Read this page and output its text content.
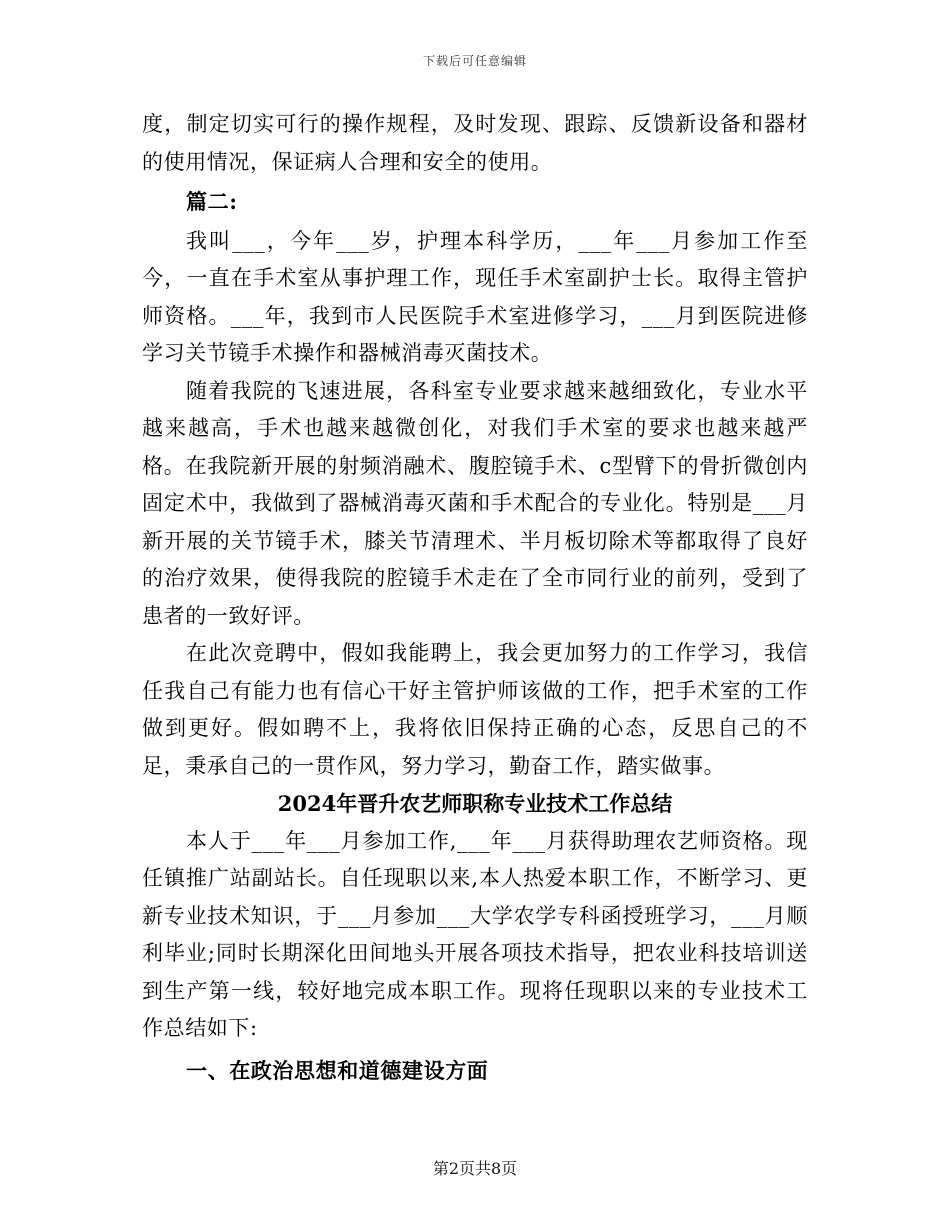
下载后可任意编辑

度，制定切实可行的操作规程，及时发现、跟踪、反馈新设备和器材的使用情况，保证病人合理和安全的使用。

篇二:

我叫___，今年___岁，护理本科学历，___年___月参加工作至今，一直在手术室从事护理工作，现任手术室副护士长。取得主管护师资格。___年，我到市人民医院手术室进修学习，___月到医院进修学习关节镜手术操作和器械消毒灭菌技术。

随着我院的飞速进展，各科室专业要求越来越细致化，专业水平越来越高，手术也越来越微创化，对我们手术室的要求也越来越严格。在我院新开展的射频消融术、腹腔镜手术、c型臂下的骨折微创内固定术中，我做到了器械消毒灭菌和手术配合的专业化。特别是___月新开展的关节镜手术，膝关节清理术、半月板切除术等都取得了良好的治疗效果，使得我院的腔镜手术走在了全市同行业的前列，受到了患者的一致好评。

在此次竞聘中，假如我能聘上，我会更加努力的工作学习，我信任我自己有能力也有信心干好主管护师该做的工作，把手术室的工作做到更好。假如聘不上，我将依旧保持正确的心态，反思自己的不足，秉承自己的一贯作风，努力学习，勤奋工作，踏实做事。

2024年晋升农艺师职称专业技术工作总结

本人于___年___月参加工作,___年___月获得助理农艺师资格。现任镇推广站副站长。自任现职以来,本人热爱本职工作，不断学习、更新专业技术知识，于___月参加___大学农学专科函授班学习，___月顺利毕业;同时长期深化田间地头开展各项技术指导，把农业科技培训送到生产第一线，较好地完成本职工作。现将任现职以来的专业技术工作总结如下:

一、在政治思想和道德建设方面

第2页共8页
